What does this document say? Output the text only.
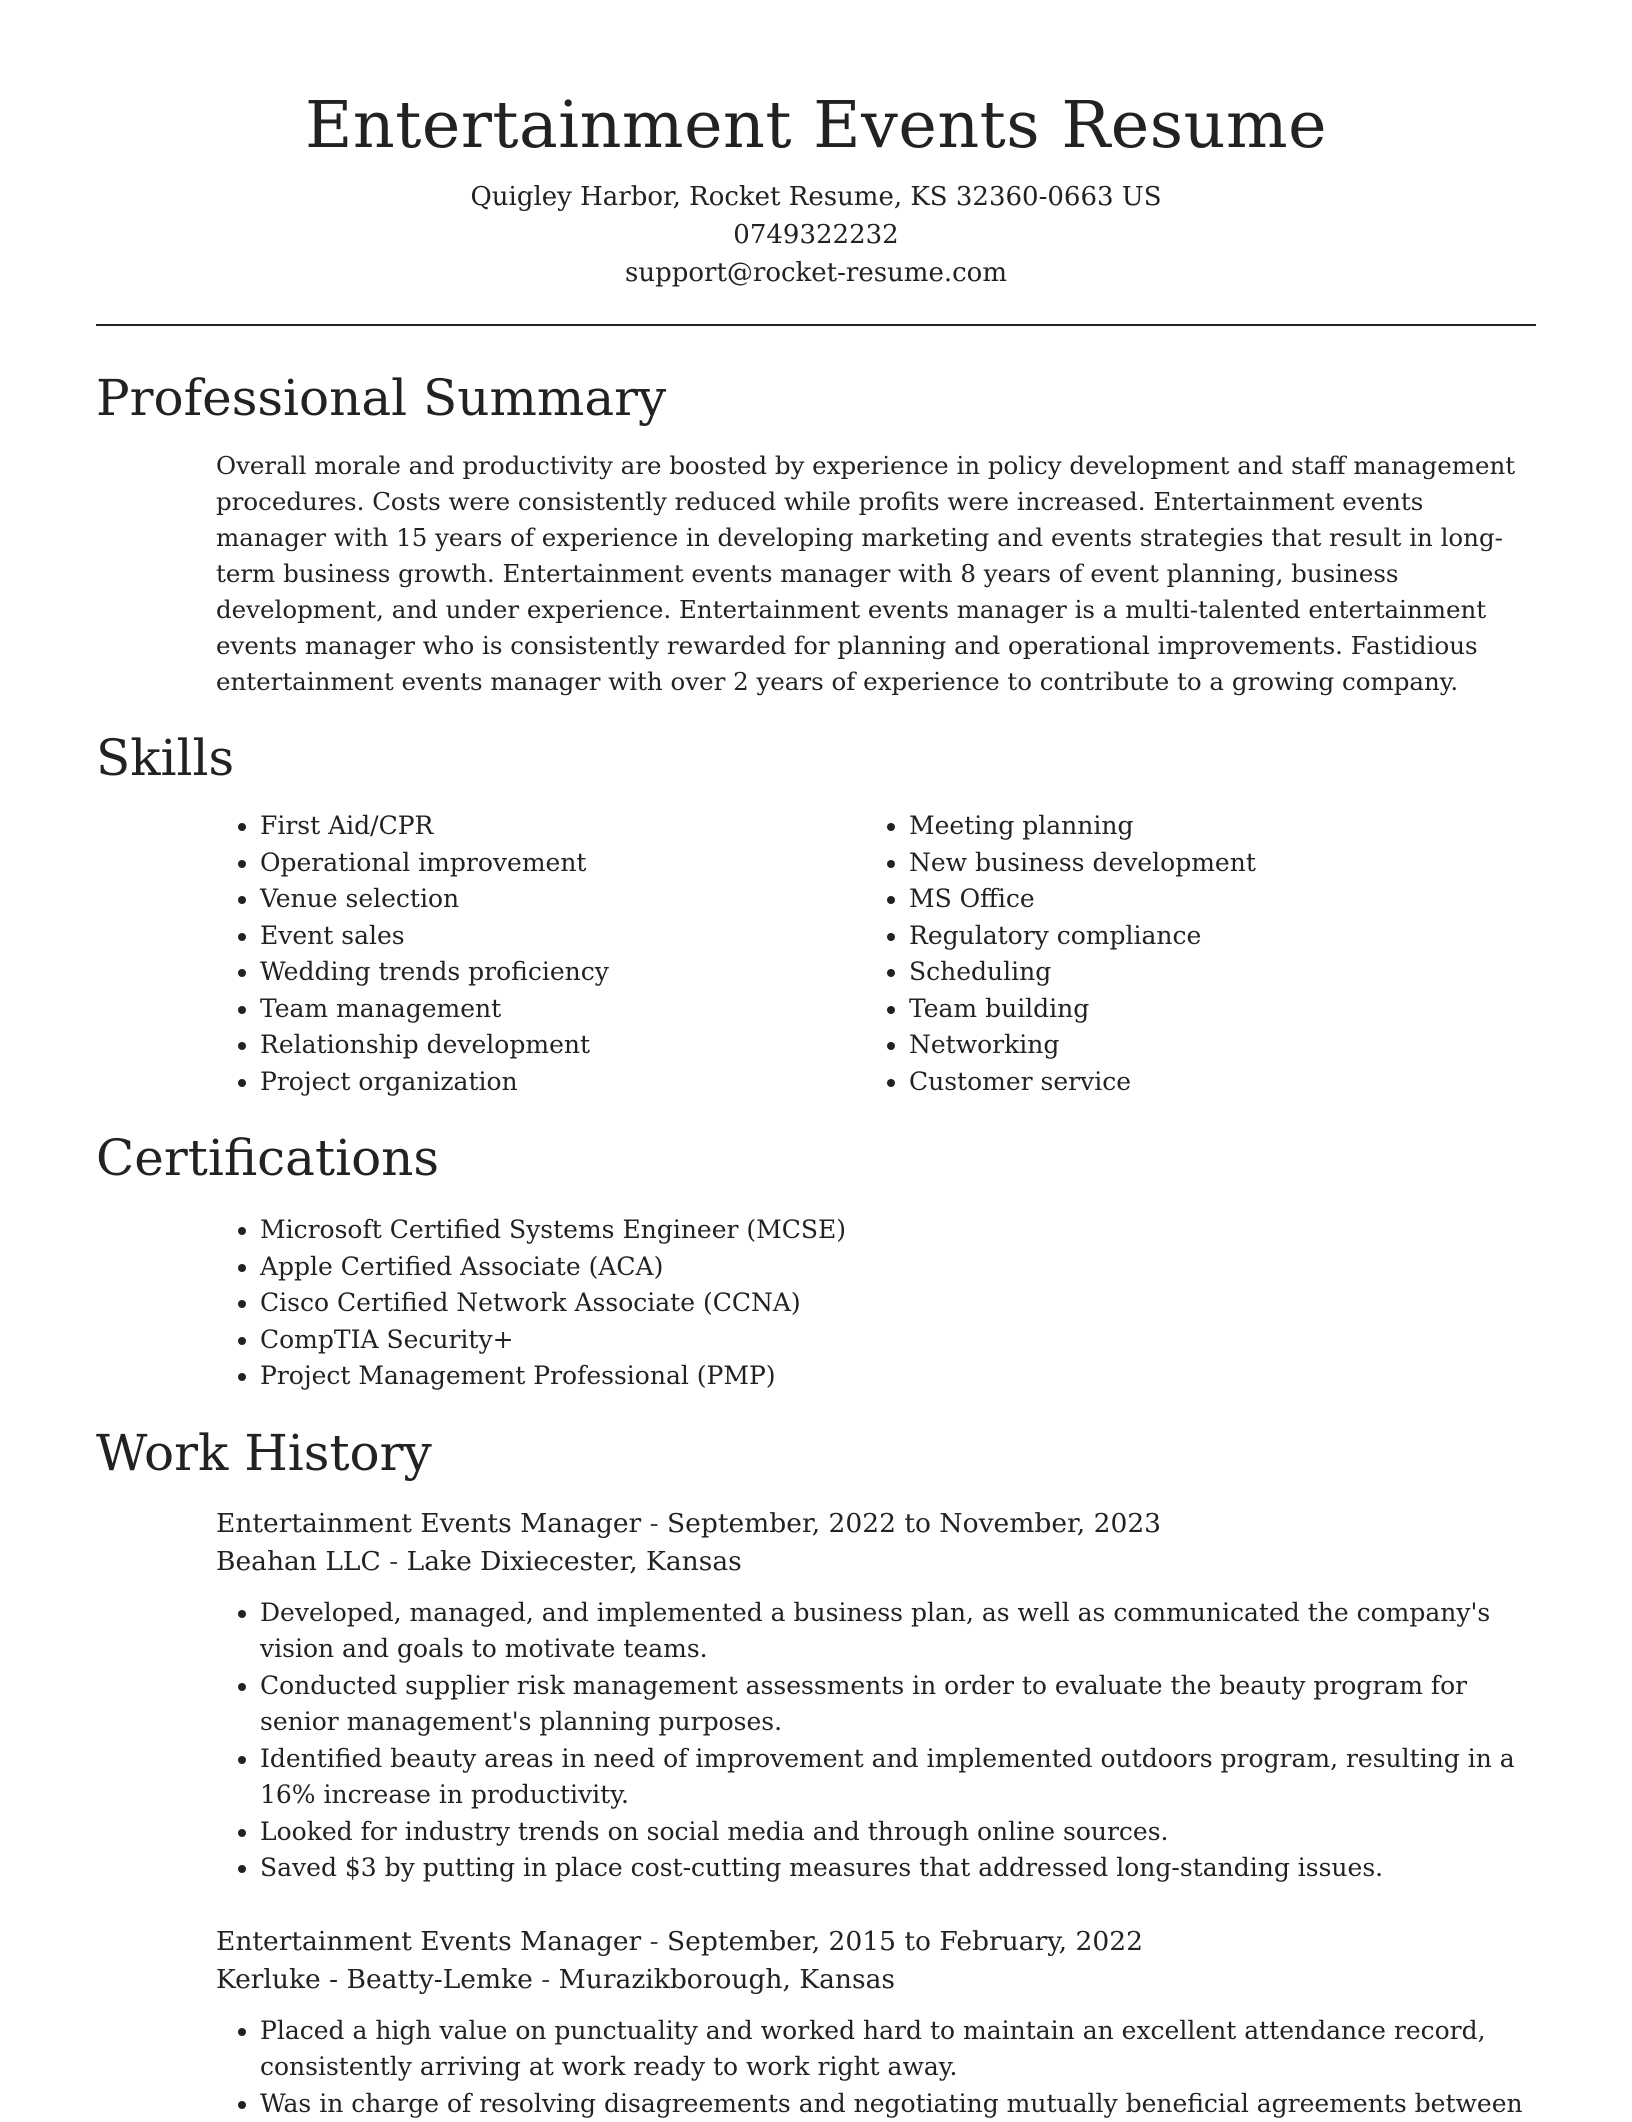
Entertainment Events Resume
Quigley Harbor, Rocket Resume, KS 32360-0663 US
0749322232
support@rocket-resume.com
Professional Summary
Overall morale and productivity are boosted by experience in policy development and staff management procedures. Costs were consistently reduced while profits were increased. Entertainment events manager with 15 years of experience in developing marketing and events strategies that result in long-term business growth. Entertainment events manager with 8 years of event planning, business development, and under experience. Entertainment events manager is a multi-talented entertainment events manager who is consistently rewarded for planning and operational improvements. Fastidious entertainment events manager with over 2 years of experience to contribute to a growing company.
Skills
• First Aid/CPR
• Operational improvement
• Venue selection
• Event sales
• Wedding trends proficiency
• Team management
• Relationship development
• Project organization
• Meeting planning
• New business development
• MS Office
• Regulatory compliance
• Scheduling
• Team building
• Networking
• Customer service
Certifications
• Microsoft Certified Systems Engineer (MCSE)
• Apple Certified Associate (ACA)
• Cisco Certified Network Associate (CCNA)
• CompTIA Security+
• Project Management Professional (PMP)
Work History
Entertainment Events Manager - September, 2022 to November, 2023
Beahan LLC - Lake Dixiecester, Kansas
• Developed, managed, and implemented a business plan, as well as communicated the company's vision and goals to motivate teams.
• Conducted supplier risk management assessments in order to evaluate the beauty program for senior management's planning purposes.
• Identified beauty areas in need of improvement and implemented outdoors program, resulting in a 16% increase in productivity.
• Looked for industry trends on social media and through online sources.
• Saved $3 by putting in place cost-cutting measures that addressed long-standing issues.
Entertainment Events Manager - September, 2015 to February, 2022
Kerluke - Beatty-Lemke - Murazikborough, Kansas
• Placed a high value on punctuality and worked hard to maintain an excellent attendance record, consistently arriving at work ready to work right away.
• Was in charge of resolving disagreements and negotiating mutually beneficial agreements between
